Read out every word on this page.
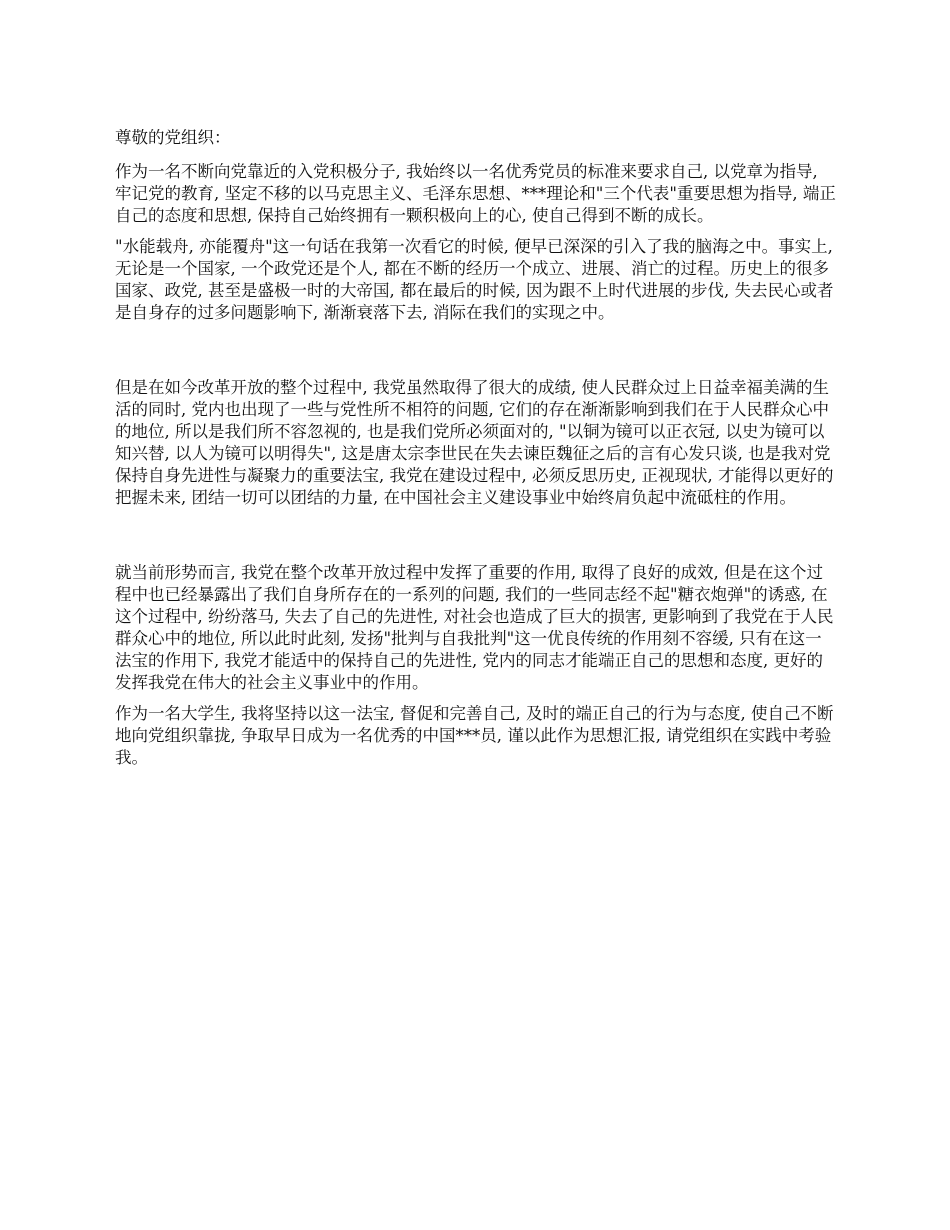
尊敬的党组织：

作为一名不断向党靠近的入党积极分子, 我始终以一名优秀党员的标准来要求自己, 以党章为指导, 牢记党的教育, 坚定不移的以马克思主义、毛泽东思想、***理论和"三个代表"重要思想为指导, 端正自己的态度和思想, 保持自己始终拥有一颗积极向上的心, 使自己得到不断的成长。

"水能载舟, 亦能覆舟"这一句话在我第一次看它的时候, 便早已深深的引入了我的脑海之中。事实上, 无论是一个国家, 一个政党还是个人, 都在不断的经历一个成立、进展、消亡的过程。历史上的很多国家、政党, 甚至是盛极一时的大帝国, 都在最后的时候, 因为跟不上时代进展的步伐, 失去民心或者是自身存的过多问题影响下, 渐渐衰落下去, 消际在我们的实现之中。

但是在如今改革开放的整个过程中, 我党虽然取得了很大的成绩, 使人民群众过上日益幸福美满的生活的同时, 党内也出现了一些与党性所不相符的问题, 它们的存在渐渐影响到我们在于人民群众心中的地位, 所以是我们所不容忽视的, 也是我们党所必须面对的, "以铜为镜可以正衣冠, 以史为镜可以知兴替, 以人为镜可以明得失", 这是唐太宗李世民在失去谏臣魏征之后的言有心发只谈, 也是我对党保持自身先进性与凝聚力的重要法宝, 我党在建设过程中, 必须反思历史, 正视现状, 才能得以更好的把握未来, 团结一切可以团结的力量, 在中国社会主义建设事业中始终肩负起中流砥柱的作用。

就当前形势而言, 我党在整个改革开放过程中发挥了重要的作用, 取得了良好的成效, 但是在这个过程中也已经暴露出了我们自身所存在的一系列的问题, 我们的一些同志经不起"糖衣炮弹"的诱惑, 在这个过程中, 纷纷落马, 失去了自己的先进性, 对社会也造成了巨大的损害, 更影响到了我党在于人民群众心中的地位, 所以此时此刻, 发扬"批判与自我批判"这一优良传统的作用刻不容缓, 只有在这一法宝的作用下, 我党才能适中的保持自己的先进性, 党内的同志才能端正自己的思想和态度, 更好的发挥我党在伟大的社会主义事业中的作用。

作为一名大学生, 我将坚持以这一法宝, 督促和完善自己, 及时的端正自己的行为与态度, 使自己不断地向党组织靠拢, 争取早日成为一名优秀的中国***员, 谨以此作为思想汇报, 请党组织在实践中考验我。
